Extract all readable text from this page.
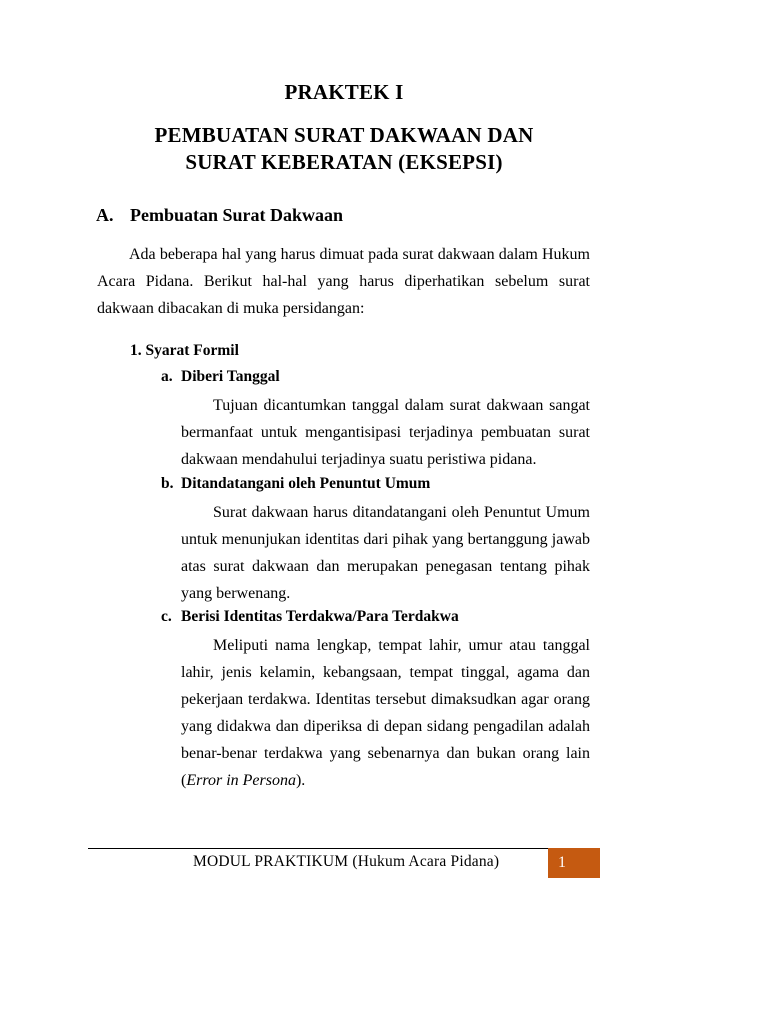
PRAKTEK I
PEMBUATAN SURAT DAKWAAN DAN
SURAT KEBERATAN (EKSEPSI)
A. Pembuatan Surat Dakwaan
Ada beberapa hal yang harus dimuat pada surat dakwaan dalam Hukum Acara Pidana. Berikut hal-hal yang harus diperhatikan sebelum surat dakwaan dibacakan di muka persidangan:
1. Syarat Formil
a. Diberi Tanggal
Tujuan dicantumkan tanggal dalam surat dakwaan sangat bermanfaat untuk mengantisipasi terjadinya pembuatan surat dakwaan mendahului terjadinya suatu peristiwa pidana.
b. Ditandatangani oleh Penuntut Umum
Surat dakwaan harus ditandatangani oleh Penuntut Umum untuk menunjukan identitas dari pihak yang bertanggung jawab atas surat dakwaan dan merupakan penegasan tentang pihak yang berwenang.
c. Berisi Identitas Terdakwa/Para Terdakwa
Meliputi nama lengkap, tempat lahir, umur atau tanggal lahir, jenis kelamin, kebangsaan, tempat tinggal, agama dan pekerjaan terdakwa. Identitas tersebut dimaksudkan agar orang yang didakwa dan diperiksa di depan sidang pengadilan adalah benar-benar terdakwa yang sebenarnya dan bukan orang lain (Error in Persona).
MODUL PRAKTIKUM (Hukum Acara Pidana)	1
